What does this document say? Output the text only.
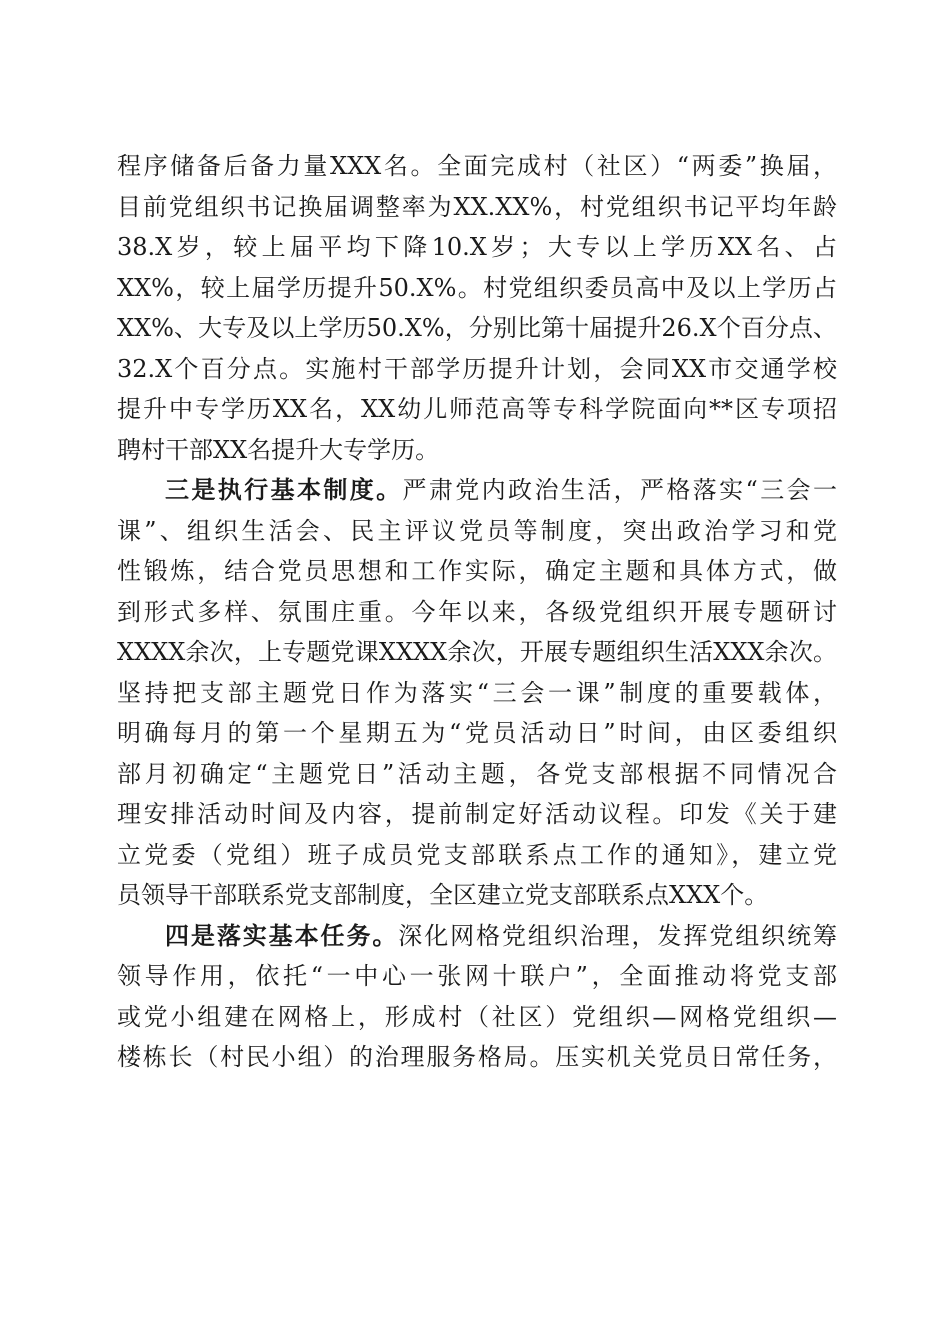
程序储备后备力量XXX名。全面完成村（社区）“两委”换届，
目前党组织书记换届调整率为XX.XX%，村党组织书记平均年龄
38.X岁，较上届平均下降10.X岁；大专以上学历XX名、占
XX%，较上届学历提升50.X%。村党组织委员高中及以上学历占
XX%、大专及以上学历50.X%，分别比第十届提升26.X个百分点、
32.X个百分点。实施村干部学历提升计划，会同XX市交通学校
提升中专学历XX名，XX幼儿师范高等专科学院面向**区专项招
聘村干部XX名提升大专学历。
三是执行基本制度。严肃党内政治生活，严格落实“三会一
课”、组织生活会、民主评议党员等制度，突出政治学习和党
性锻炼，结合党员思想和工作实际，确定主题和具体方式，做
到形式多样、氛围庄重。今年以来，各级党组织开展专题研讨
XXXX余次，上专题党课XXXX余次，开展专题组织生活XXX余次。
坚持把支部主题党日作为落实“三会一课”制度的重要载体，
明确每月的第一个星期五为“党员活动日”时间，由区委组织
部月初确定“主题党日”活动主题，各党支部根据不同情况合
理安排活动时间及内容，提前制定好活动议程。印发《关于建
立党委（党组）班子成员党支部联系点工作的通知》，建立党
员领导干部联系党支部制度，全区建立党支部联系点XXX个。
四是落实基本任务。深化网格党组织治理，发挥党组织统筹
领导作用，依托“一中心一张网十联户”，全面推动将党支部
或党小组建在网格上，形成村（社区）党组织—网格党组织—
楼栋长（村民小组）的治理服务格局。压实机关党员日常任务，
